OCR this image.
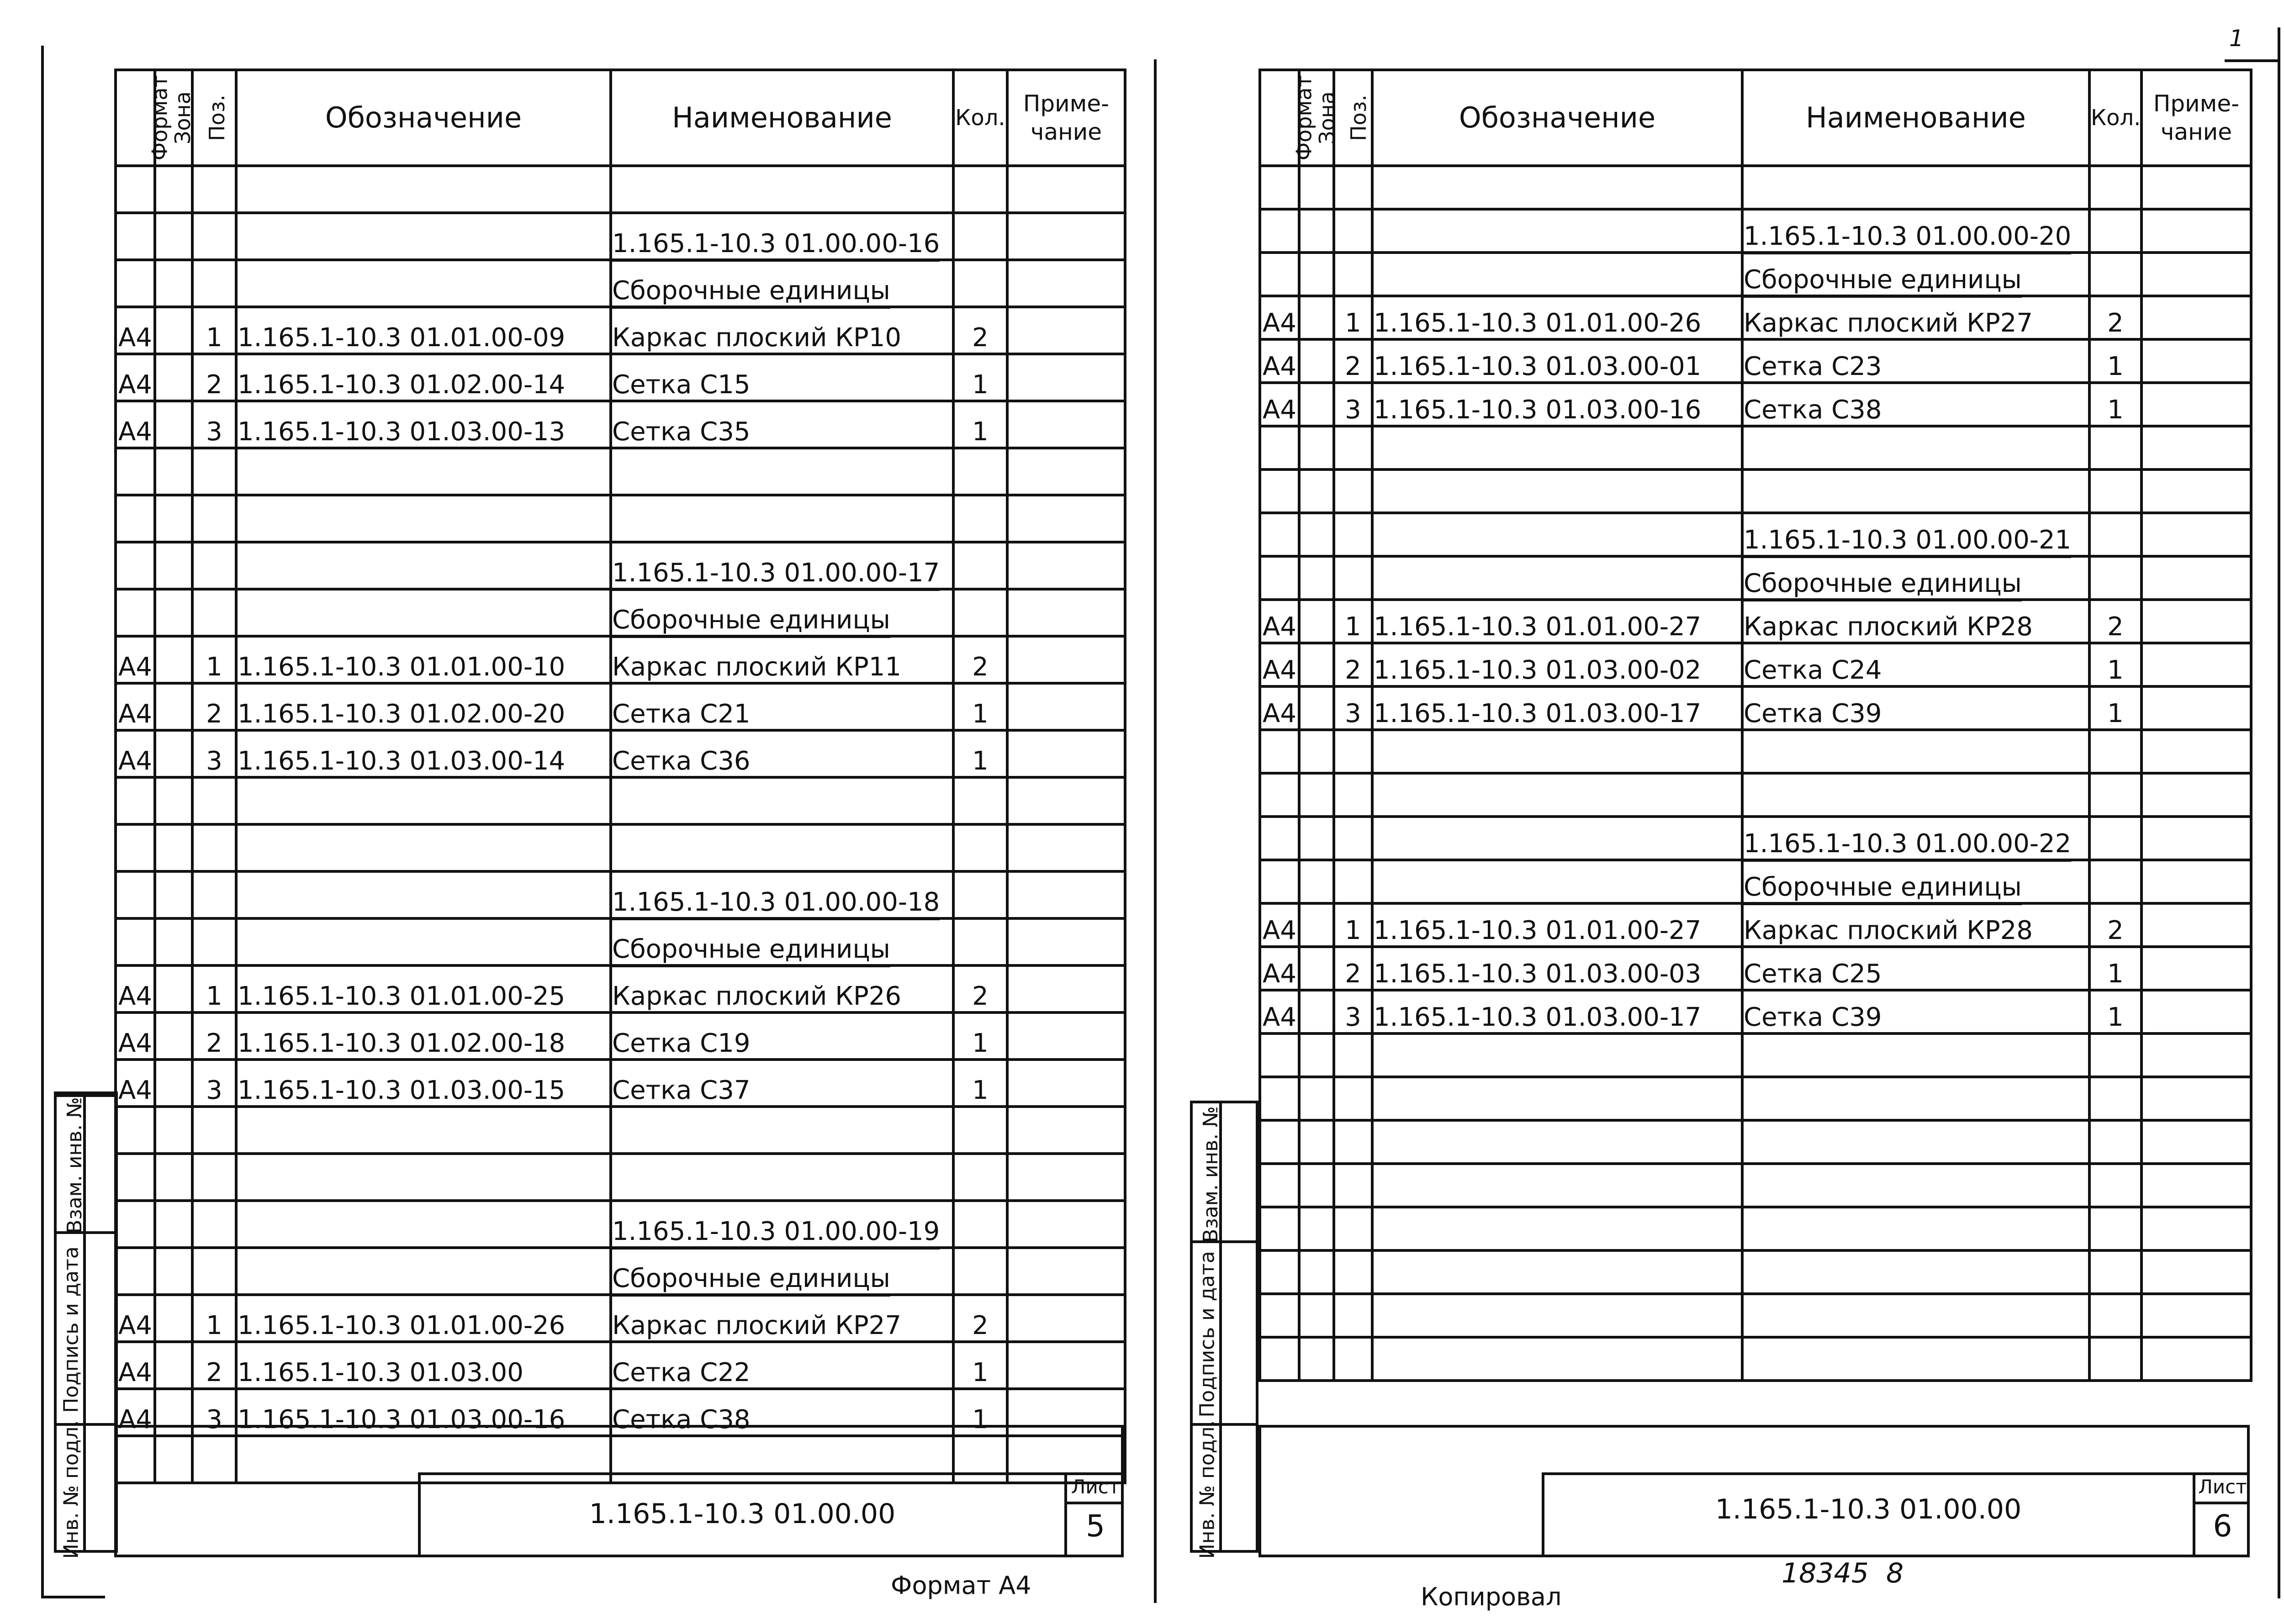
Формат	Зона	Поз.	Обозначение	Наименование	Кол.	Приме-
чание

				1.165.1-10.3 01.00.00-16		
				Сборочные единицы		
А4		1	1.165.1-10.3 01.01.00-09	Каркас плоский КР10	2	
А4		2	1.165.1-10.3 01.02.00-14	Сетка С15	1	
А4		3	1.165.1-10.3 01.03.00-13	Сетка С35	1	

				1.165.1-10.3 01.00.00-17		
				Сборочные единицы		
А4		1	1.165.1-10.3 01.01.00-10	Каркас плоский КР11	2	
А4		2	1.165.1-10.3 01.02.00-20	Сетка С21	1	
А4		3	1.165.1-10.3 01.03.00-14	Сетка С36	1	

				1.165.1-10.3 01.00.00-18		
				Сборочные единицы		
А4		1	1.165.1-10.3 01.01.00-25	Каркас плоский КР26	2	
А4		2	1.165.1-10.3 01.02.00-18	Сетка С19	1	
А4		3	1.165.1-10.3 01.03.00-15	Сетка С37	1	

				1.165.1-10.3 01.00.00-19		
				Сборочные единицы		
А4		1	1.165.1-10.3 01.01.00-26	Каркас плоский КР27	2	
А4		2	1.165.1-10.3 01.03.00	Сетка С22	1	
А4		3	1.165.1-10.3 01.03.00-16	Сетка С38	1	

Взам. инв. №
Подпись и дата
Инв. № подл.	1.165.1-10.3 01.00.00
Лист
5
Формат А4
1
Формат	Зона	Поз.	Обозначение	Наименование	Кол.	Приме-
чание

				1.165.1-10.3 01.00.00-20		
				Сборочные единицы		
А4		1	1.165.1-10.3 01.01.00-26	Каркас плоский КР27	2	
А4		2	1.165.1-10.3 01.03.00-01	Сетка С23	1	
А4		3	1.165.1-10.3 01.03.00-16	Сетка С38	1	

				1.165.1-10.3 01.00.00-21		
				Сборочные единицы		
А4		1	1.165.1-10.3 01.01.00-27	Каркас плоский КР28	2	
А4		2	1.165.1-10.3 01.03.00-02	Сетка С24	1	
А4		3	1.165.1-10.3 01.03.00-17	Сетка С39	1	

				1.165.1-10.3 01.00.00-22		
				Сборочные единицы		
А4		1	1.165.1-10.3 01.01.00-27	Каркас плоский КР28	2	
А4		2	1.165.1-10.3 01.03.00-03	Сетка С25	1	
А4		3	1.165.1-10.3 01.03.00-17	Сетка С39	1	

Взам. инв. №
Подпись и дата
Инв. № подл.	1.165.1-10.3 01.00.00
Лист
6
18345  8
Копировал
